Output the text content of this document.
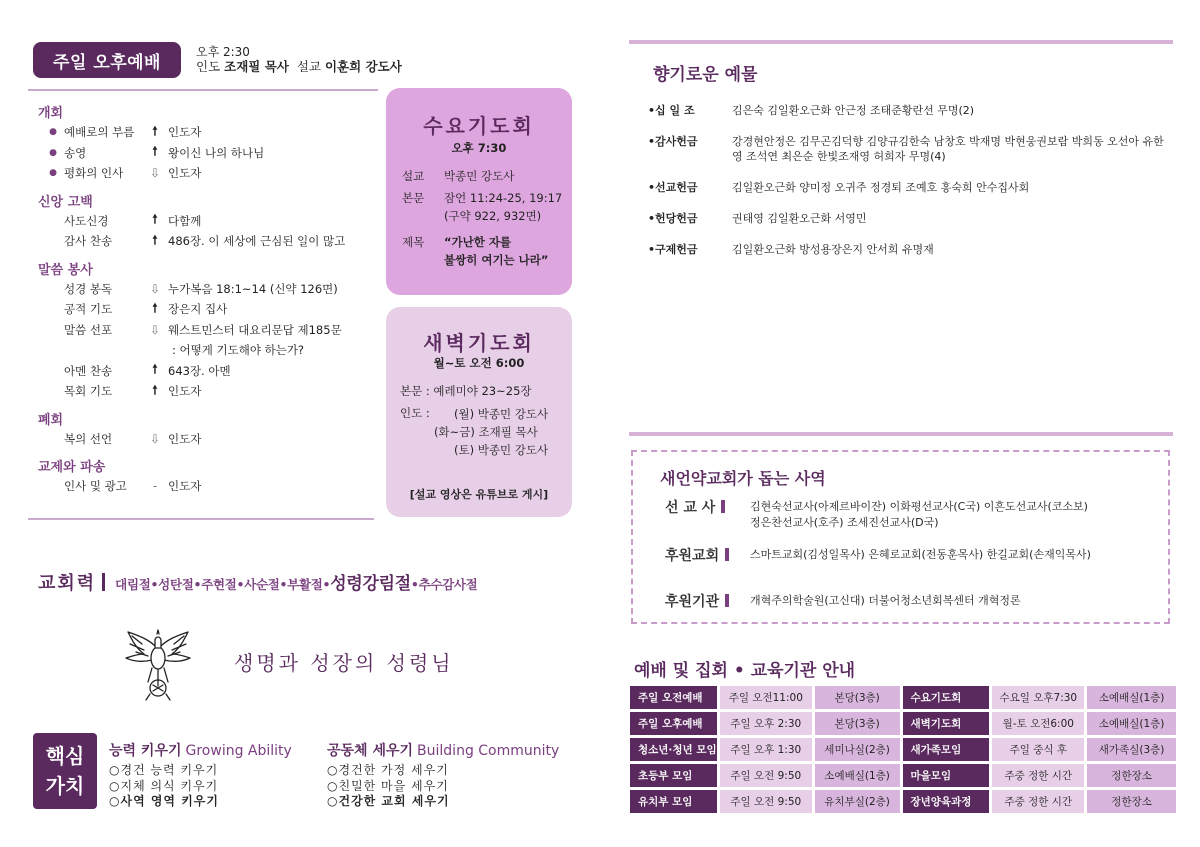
주일 오후예배
오후 2:30
인도 조재필 목사 설교 이훈희 강도사
개회
● 예배로의 부름	🠕 인도자
● 송영	🠕 왕이신 나의 하나님
● 평화의 인사	⇩ 인도자
신앙 고백
사도신경	🠕 다함께
감사 찬송	🠕 486장. 이 세상에 근심된 일이 많고
말씀 봉사
성경 봉독	⇩ 누가복음 18:1~14 (신약 126면)
공적 기도	🠕 장은지 집사
말씀 선포	⇩ 웨스트민스터 대요리문답 제185문
: 어떻게 기도해야 하는가?
아멘 찬송	🠕 643장. 아멘
목회 기도	🠕 인도자
폐회
복의 선언	⇩ 인도자
교제와 파송
인사 및 광고	- 인도자
수요기도회
오후 7:30
설교 박종민 강도사
본문 잠언 11:24-25, 19:17
(구약 922, 932면)
제목 “가난한 자를
불쌍히 여기는 나라”
새벽기도회
월~토 오전 6:00
본문 : 예레미야 23~25장
인도 :	(월) 박종민 강도사
(화~금) 조재필 목사
(토) 박종민 강도사
[설교 영상은 유튜브로 게시]
교회력 대림절•성탄절•주현절•사순절•부활절•성령강림절•추수감사절
생명과 성장의 성령님
핵심
가치
능력 키우기 Growing Ability
○경건 능력 키우기
○지체 의식 키우기
○사역 영역 키우기
공동체 세우기 Building Community
○경건한 가정 세우기
○친밀한 마을 세우기
○건강한 교회 세우기
향기로운 예물
•십 일 조	김은숙 김일환오근화 안근정 조태준황란선 무명(2)
•감사헌금	강경현안정은 김무곤김덕향 김양규김한숙 남창호 박재명 박현웅권보람 박희동 오선아 유한영 조석연 최은순 한빛조재영 허희자 무명(4)
•선교헌금	김일환오근화 양미정 오귀주 정경퇴 조예호 홍숙희 안수집사회
•헌당헌금	권태영 김일환오근화 서영민
•구제헌금	김일환오근화 방성용장은지 안서희 유명재
새언약교회가 돕는 사역
선 교 사	김현숙선교사(아제르바이잔) 이화평선교사(C국) 이흔도선교사(코소보)
정은찬선교사(호주) 조세진선교사(D국)
후원교회	스마트교회(김성일목사) 은혜로교회(전동훈목사) 한길교회(손재익목사)
후원기관	개혁주의학술원(고신대) 더불어청소년회복센터 개혁정론
예배 및 집회 • 교육기관 안내
주일 오전예배	주일 오전11:00	본당(3층)	수요기도회	수요일 오후7:30	소예배실(1층)
주일 오후예배	주일 오후 2:30	본당(3층)	새벽기도회	월-토 오전6:00	소예배실(1층)
청소년·청년 모임	주일 오후 1:30	세미나실(2층)	새가족모임	주일 중식 후	새가족실(3층)
초등부 모임	주일 오전 9:50	소예배실(1층)	마을모임	주중 정한 시간	정한장소
유치부 모임	주일 오전 9:50	유치부실(2층)	장년양육과정	주중 정한 시간	정한장소
